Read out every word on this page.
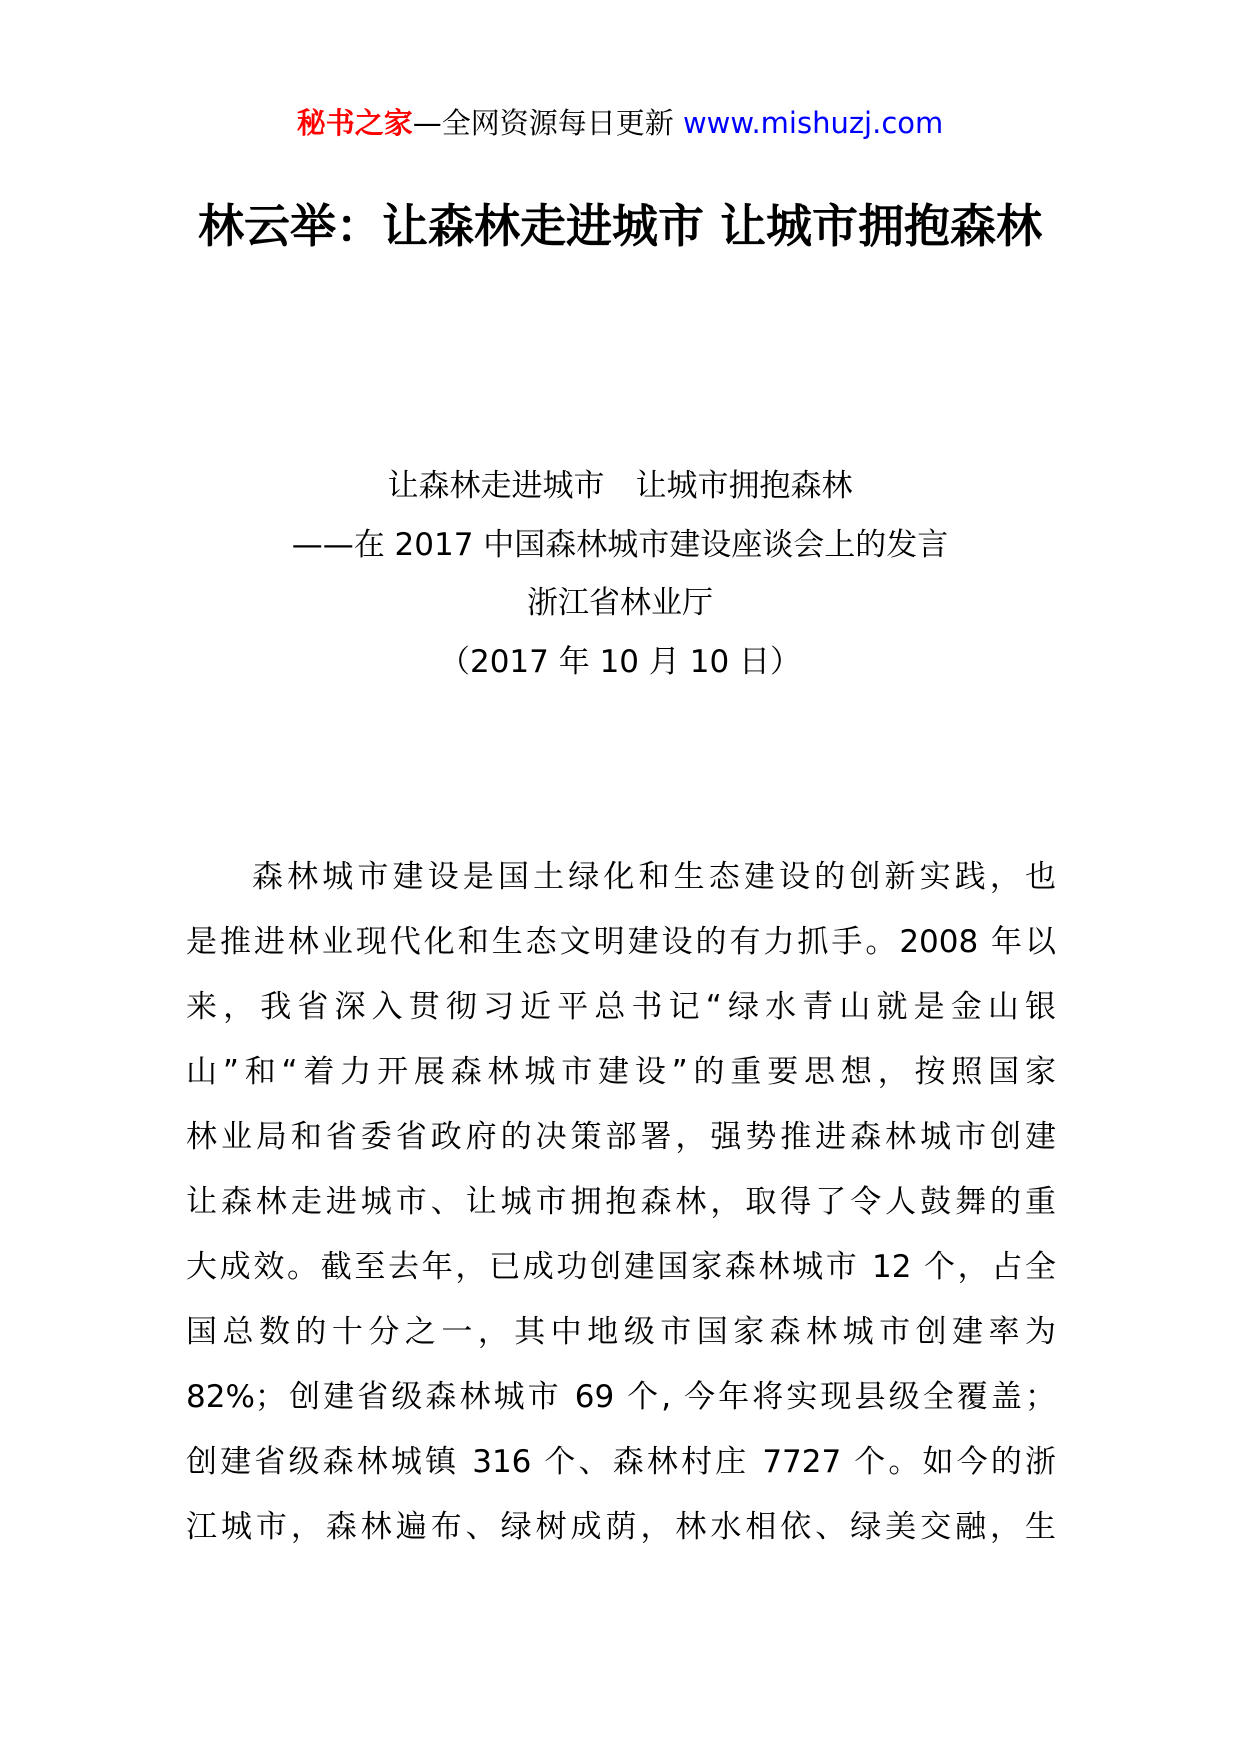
秘书之家—全网资源每日更新 www.mishuzj.com
林云举：让森林走进城市 让城市拥抱森林
让森林走进城市　让城市拥抱森林
——在 2017 中国森林城市建设座谈会上的发言
浙江省林业厅
（2017 年 10 月 10 日）
森林城市建设是国土绿化和生态建设的创新实践，也
是推进林业现代化和生态文明建设的有力抓手。2008 年以
来，我省深入贯彻习近平总书记“绿水青山就是金山银
山”和“着力开展森林城市建设”的重要思想，按照国家
林业局和省委省政府的决策部署，强势推进森林城市创建
让森林走进城市、让城市拥抱森林，取得了令人鼓舞的重
大成效。截至去年，已成功创建国家森林城市 12 个，占全
国总数的十分之一，其中地级市国家森林城市创建率为
82%；创建省级森林城市 69 个, 今年将实现县级全覆盖；
创建省级森林城镇 316 个、森林村庄 7727 个。如今的浙
江城市，森林遍布、绿树成荫，林水相依、绿美交融，生
